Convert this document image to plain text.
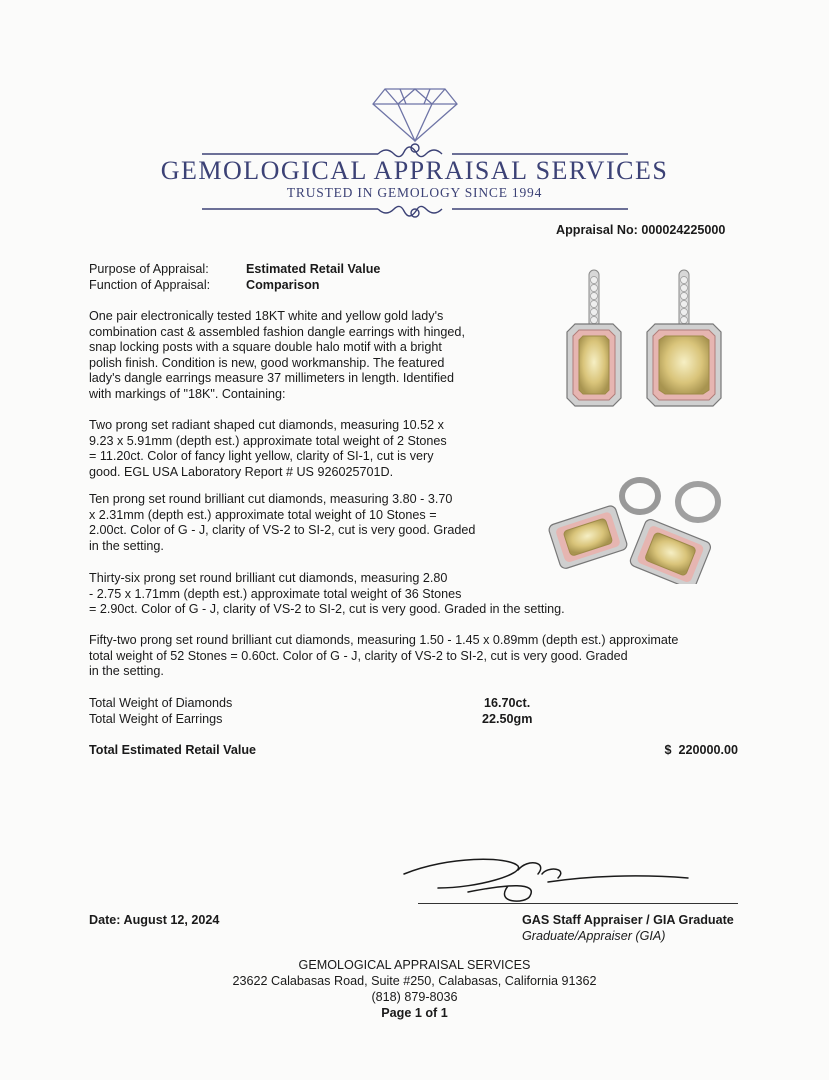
GEMOLOGICAL APPRAISAL SERVICES
TRUSTED IN GEMOLOGY SINCE 1994
Appraisal No: 000024225000
Purpose of Appraisal:	Estimated Retail Value
Function of Appraisal:	Comparison
One pair electronically tested 18KT white and yellow gold lady's
combination cast & assembled fashion dangle earrings with hinged,
snap locking posts with a square double halo motif with a bright
polish finish. Condition is new, good workmanship. The featured
lady's dangle earrings measure 37 millimeters in length. Identified
with markings of "18K". Containing:
Two prong set radiant shaped cut diamonds, measuring 10.52 x
9.23 x 5.91mm (depth est.) approximate total weight of 2 Stones
= 11.20ct. Color of fancy light yellow, clarity of SI-1, cut is very
good. EGL USA Laboratory Report # US 926025701D.
Ten prong set round brilliant cut diamonds, measuring 3.80 - 3.70
x 2.31mm (depth est.) approximate total weight of 10 Stones =
2.00ct. Color of G - J, clarity of VS-2 to SI-2, cut is very good. Graded
in the setting.
Thirty-six prong set round brilliant cut diamonds, measuring 2.80
- 2.75 x 1.71mm (depth est.) approximate total weight of 36 Stones
= 2.90ct. Color of G - J, clarity of VS-2 to SI-2, cut is very good. Graded in the setting.
Fifty-two prong set round brilliant cut diamonds, measuring 1.50 - 1.45 x 0.89mm (depth est.) approximate
total weight of 52 Stones = 0.60ct. Color of G - J, clarity of VS-2 to SI-2, cut is very good. Graded
in the setting.
Total Weight of Diamonds	16.70ct.
Total Weight of Earrings	22.50gm
Total Estimated Retail Value	$  220000.00
Date: August 12, 2024	GAS Staff Appraiser / GIA Graduate
Graduate/Appraiser (GIA)
GEMOLOGICAL APPRAISAL SERVICES
23622 Calabasas Road, Suite #250, Calabasas, California 91362
(818) 879-8036
Page 1 of 1
